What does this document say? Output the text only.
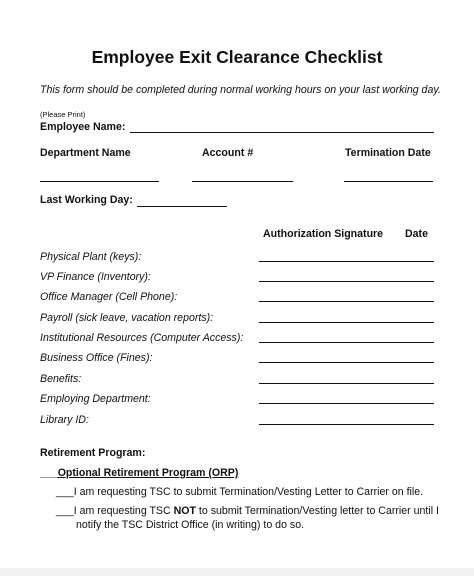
Employee Exit Clearance Checklist
This form should be completed during normal working hours on your last working day.
(Please Print)
Employee Name:
Department Name	Account #	Termination Date
Last Working Day:
Authorization Signature Date
Physical Plant (keys):
VP Finance (Inventory):
Office Manager (Cell Phone):
Payroll (sick leave, vacation reports):
Institutional Resources (Computer Access):
Business Office (Fines):
Benefits:
Employing Department:
Library ID:
Retirement Program:
___Optional Retirement Program (ORP)
___I am requesting TSC to submit Termination/Vesting Letter to Carrier on file.
___I am requesting TSC NOT to submit Termination/Vesting letter to Carrier until I
notify the TSC District Office (in writing) to do so.
